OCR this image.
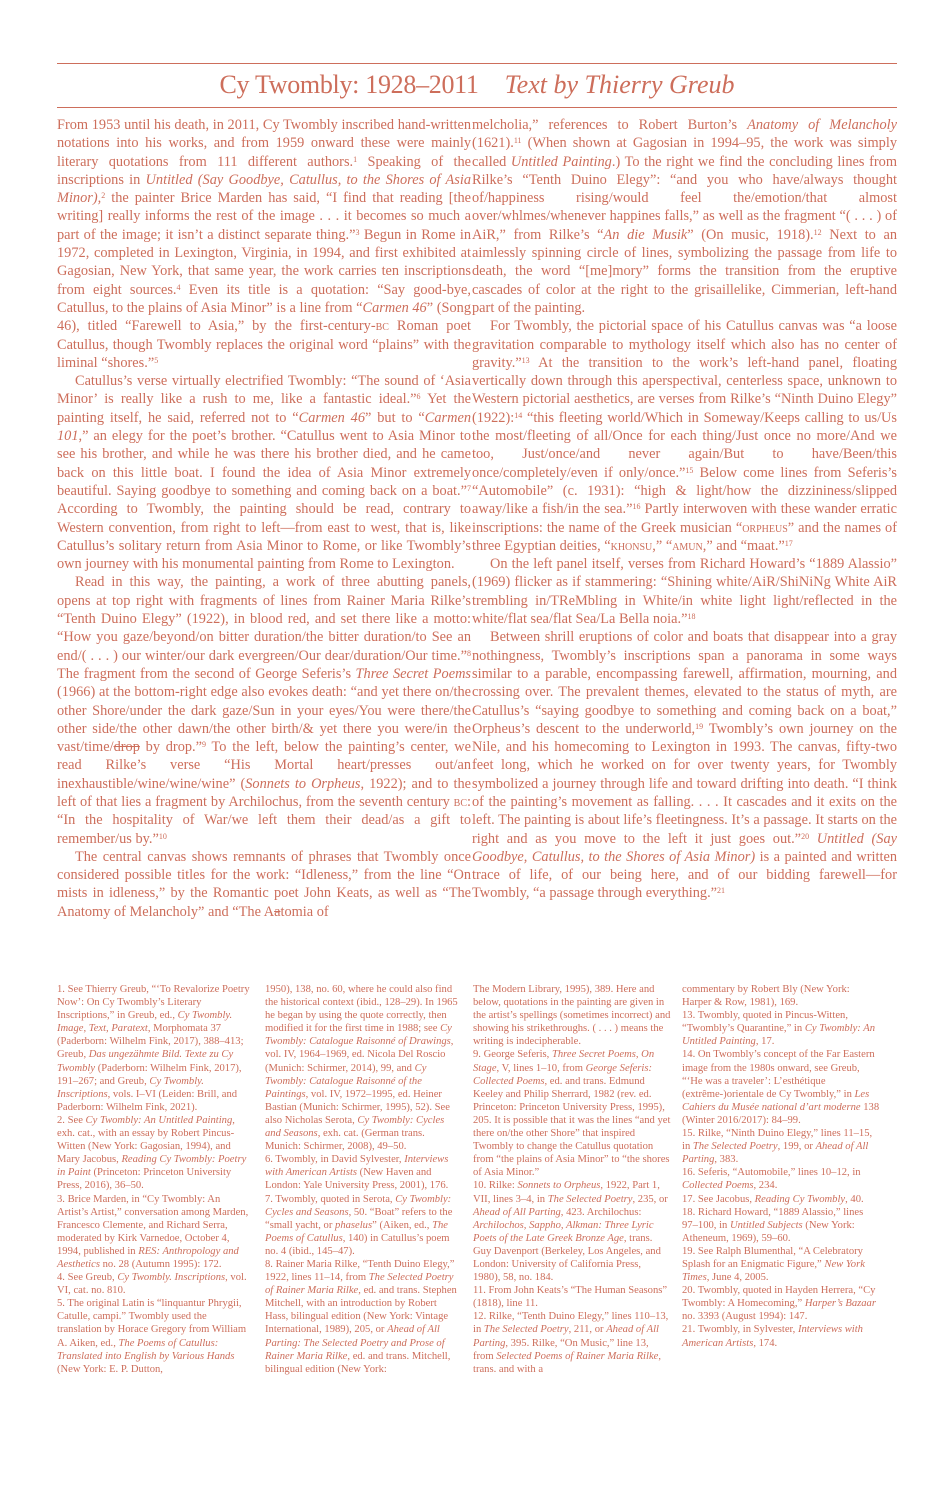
Cy Twombly: 1928–2011 Text by Thierry Greub

From 1953 until his death, in 2011, Cy Twombly inscribed hand-written notations into his works, and from 1959 onward these were mainly literary quotations from 111 different authors.$^1$ Speaking of the inscriptions in Untitled (Say Goodbye, Catullus, to the Shores of Asia Minor),$^2$ the painter Brice Marden has said, “I find that reading [the writing] really informs the rest of the image . . . it becomes so much a part of the image; it isn’t a distinct separate thing.”$^3$ Begun in Rome in 1972, completed in Lexington, Virginia, in 1994, and first exhibited at Gagosian, New York, that same year, the work carries ten inscriptions from eight sources.$^4$ Even its title is a quotation: “Say good-bye, Catullus, to the plains of Asia Minor” is a line from “Carmen 46” (Song 46), titled “Farewell to Asia,” by the first-century-bc Roman poet Catullus, though Twombly replaces the original word “plains” with the liminal “shores.”$^5$

Catullus’s verse virtually electrified Twombly: “The sound of ‘Asia Minor’ is really like a rush to me, like a fantastic ideal.”$^6$ Yet the painting itself, he said, referred not to “Carmen 46” but to “Carmen 101,” an elegy for the poet’s brother. “Catullus went to Asia Minor to see his brother, and while he was there his brother died, and he came back on this little boat. I found the idea of Asia Minor extremely beautiful. Saying goodbye to something and coming back on a boat.”$^7$ According to Twombly, the painting should be read, contrary to Western convention, from right to left—from east to west, that is, like Catullus’s solitary return from Asia Minor to Rome, or like Twombly’s own journey with his monumental painting from Rome to Lexington.

Read in this way, the painting, a work of three abutting panels, opens at top right with fragments of lines from Rainer Maria Rilke’s “Tenth Duino Elegy” (1922), in blood red, and set there like a motto: “How you gaze/beyond/on bitter duration/the bitter duration/to See an end/( . . . ) our winter/our dark evergreen/Our dear/duration/Our time.”$^8$ The fragment from the second of George Seferis’s Three Secret Poems (1966) at the bottom-right edge also evokes death: “and yet there on/the other Shore/under the dark gaze/Sun in your eyes/You were there/the other side/the other dawn/the other birth/& yet there you were/in the vast/time/drop by drop.”$^9$ To the left, below the painting’s center, we read Rilke’s verse “His Mortal heart/presses out/an inexhaustible/wine/wine/wine” (Sonnets to Orpheus, 1922); and to the left of that lies a fragment by Archilochus, from the seventh century bc: “In the hospitality of War/we left them their dead/as a gift to remember/us by.”$^{10}$

The central canvas shows remnants of phrases that Twombly once considered possible titles for the work: “Idleness,” from the line “On mists in idleness,” by the Romantic poet John Keats, as well as “The Anatomy of Melancholy” and “The Aatomia of

melcholia,” references to Robert Burton’s Anatomy of Melancholy (1621).$^{11}$ (When shown at Gagosian in 1994–95, the work was simply called Untitled Painting.) To the right we find the concluding lines from Rilke’s “Tenth Duino Elegy”: “and you who have/always thought of/happiness rising/would feel the/emotion/that almost over/whlmes/whenever happines falls,” as well as the fragment “( . . . ) of AiR,” from Rilke’s “An die Musik” (On music, 1918).$^{12}$ Next to an aimlessly spinning circle of lines, symbolizing the passage from life to death, the word “[me]mory” forms the transition from the eruptive cascades of color at the right to the grisaillelike, Cimmerian, left-hand part of the painting.

For Twombly, the pictorial space of his Catullus canvas was “a loose gravitation comparable to mythology itself which also has no center of gravity.”$^{13}$ At the transition to the work’s left-hand panel, floating vertically down through this aperspectival, centerless space, unknown to Western pictorial aesthetics, are verses from Rilke’s “Ninth Duino Elegy” (1922):$^{14}$ “this fleeting world/Which in Someway/Keeps calling to us/Us the most/fleeting of all/Once for each thing/Just once no more/And we too, Just/once/and never again/But to have/Been/this once/completely/even if only/once.”$^{15}$ Below come lines from Seferis’s “Automobile” (c. 1931): “high & light/how the dizzininess/slipped away/like a fish/in the sea.”$^{16}$ Partly interwoven with these wander erratic inscriptions: the name of the Greek musician “orpheus” and the names of three Egyptian deities, “khonsu,” “amun,” and “maat.”$^{17}$

On the left panel itself, verses from Richard Howard’s “1889 Alassio” (1969) flicker as if stammering: “Shining white/AiR/ShiNiNg White AiR trembling in/TReMbling in White/in white light light/reflected in the white/flat sea/flat Sea/La Bella noia.”$^{18}$

Between shrill eruptions of color and boats that disappear into a gray nothingness, Twombly’s inscriptions span a panorama in some ways similar to a parable, encompassing farewell, affirmation, mourning, and crossing over. The prevalent themes, elevated to the status of myth, are Catullus’s “saying goodbye to something and coming back on a boat,” Orpheus’s descent to the underworld,$^{19}$ Twombly’s own journey on the Nile, and his homecoming to Lexington in 1993. The canvas, fifty-two feet long, which he worked on for over twenty years, for Twombly symbolized a journey through life and toward drifting into death. “I think of the painting’s movement as falling. . . . It cascades and it exits on the left. The painting is about life’s fleetingness. It’s a passage. It starts on the right and as you move to the left it just goes out.”$^{20}$ Untitled (Say Goodbye, Catullus, to the Shores of Asia Minor) is a painted and written trace of life, of our being here, and of our bidding farewell—for Twombly, “a passage through everything.”$^{21}$

1. See Thierry Greub, “‘To Revalorize Poetry Now’: On Cy Twombly’s Literary Inscriptions,” in Greub, ed., Cy Twombly. Image, Text, Paratext, Morphomata 37 (Paderborn: Wilhelm Fink, 2017), 388–413; Greub, Das ungezähmte Bild. Texte zu Cy Twombly (Paderborn: Wilhelm Fink, 2017), 191–267; and Greub, Cy Twombly. Inscriptions, vols. I–VI (Leiden: Brill, and Paderborn: Wilhelm Fink, 2021).

2. See Cy Twombly: An Untitled Painting, exh. cat., with an essay by Robert Pincus-Witten (New York: Gagosian, 1994), and Mary Jacobus, Reading Cy Twombly: Poetry in Paint (Princeton: Princeton University Press, 2016), 36–50.

3. Brice Marden, in “Cy Twombly: An Artist’s Artist,” conversation among Marden, Francesco Clemente, and Richard Serra, moderated by Kirk Varnedoe, October 4, 1994, published in RES: Anthropology and Aesthetics no. 28 (Autumn 1995): 172.

4. See Greub, Cy Twombly. Inscriptions, vol. VI, cat. no. 810.

5. The original Latin is “linquantur Phrygii, Catulle, campi.” Twombly used the translation by Horace Gregory from William A. Aiken, ed., The Poems of Catullus: Translated into English by Various Hands (New York: E. P. Dutton,

1950), 138, no. 60, where he could also find the historical context (ibid., 128–29). In 1965 he began by using the quote correctly, then modified it for the first time in 1988; see Cy Twombly: Catalogue Raisonné of Drawings, vol. IV, 1964–1969, ed. Nicola Del Roscio (Munich: Schirmer, 2014), 99, and Cy Twombly: Catalogue Raisonné of the Paintings, vol. IV, 1972–1995, ed. Heiner Bastian (Munich: Schirmer, 1995), 52). See also Nicholas Serota, Cy Twombly: Cycles and Seasons, exh. cat. (German trans. Munich: Schirmer, 2008), 49–50.

6. Twombly, in David Sylvester, Interviews with American Artists (New Haven and London: Yale University Press, 2001), 176.

7. Twombly, quoted in Serota, Cy Twombly: Cycles and Seasons, 50. “Boat” refers to the “small yacht, or phaselus” (Aiken, ed., The Poems of Catullus, 140) in Catullus’s poem no. 4 (ibid., 145–47).

8. Rainer Maria Rilke, “Tenth Duino Elegy,” 1922, lines 11–14, from The Selected Poetry of Rainer Maria Rilke, ed. and trans. Stephen Mitchell, with an introduction by Robert Hass, bilingual edition (New York: Vintage International, 1989), 205, or Ahead of All Parting: The Selected Poetry and Prose of Rainer Maria Rilke, ed. and trans. Mitchell, bilingual edition (New York:

The Modern Library, 1995), 389. Here and below, quotations in the painting are given in the artist’s spellings (sometimes incorrect) and showing his strikethroughs. ( . . . ) means the writing is indecipherable.

9. George Seferis, Three Secret Poems, On Stage, V, lines 1–10, from George Seferis: Collected Poems, ed. and trans. Edmund Keeley and Philip Sherrard, 1982 (rev. ed. Princeton: Princeton University Press, 1995), 205. It is possible that it was the lines “and yet there on/the other Shore” that inspired Twombly to change the Catullus quotation from “the plains of Asia Minor” to “the shores of Asia Minor.”

10. Rilke: Sonnets to Orpheus, 1922, Part 1, VII, lines 3–4, in The Selected Poetry, 235, or Ahead of All Parting, 423. Archilochus: Archilochos, Sappho, Alkman: Three Lyric Poets of the Late Greek Bronze Age, trans. Guy Davenport (Berkeley, Los Angeles, and London: University of California Press, 1980), 58, no. 184.

11. From John Keats’s “The Human Seasons” (1818), line 11.

12. Rilke, “Tenth Duino Elegy,” lines 110–13, in The Selected Poetry, 211, or Ahead of All Parting, 395. Rilke, “On Music,” line 13, from Selected Poems of Rainer Maria Rilke, trans. and with a

commentary by Robert Bly (New York: Harper & Row, 1981), 169.

13. Twombly, quoted in Pincus-Witten, “Twombly’s Quarantine,” in Cy Twombly: An Untitled Painting, 17.

14. On Twombly’s concept of the Far Eastern image from the 1980s onward, see Greub, “‘He was a traveler’: L’esthétique (extrême-)orientale de Cy Twombly,” in Les Cahiers du Musée national d’art moderne 138 (Winter 2016/2017): 84–99.

15. Rilke, “Ninth Duino Elegy,” lines 11–15, in The Selected Poetry, 199, or Ahead of All Parting, 383.

16. Seferis, “Automobile,” lines 10–12, in Collected Poems, 234.

17. See Jacobus, Reading Cy Twombly, 40.

18. Richard Howard, “1889 Alassio,” lines 97–100, in Untitled Subjects (New York: Atheneum, 1969), 59–60.

19. See Ralph Blumenthal, “A Celebratory Splash for an Enigmatic Figure,” New York Times, June 4, 2005.

20. Twombly, quoted in Hayden Herrera, “Cy Twombly: A Homecoming,” Harper’s Bazaar no. 3393 (August 1994): 147.

21. Twombly, in Sylvester, Interviews with American Artists, 174.
